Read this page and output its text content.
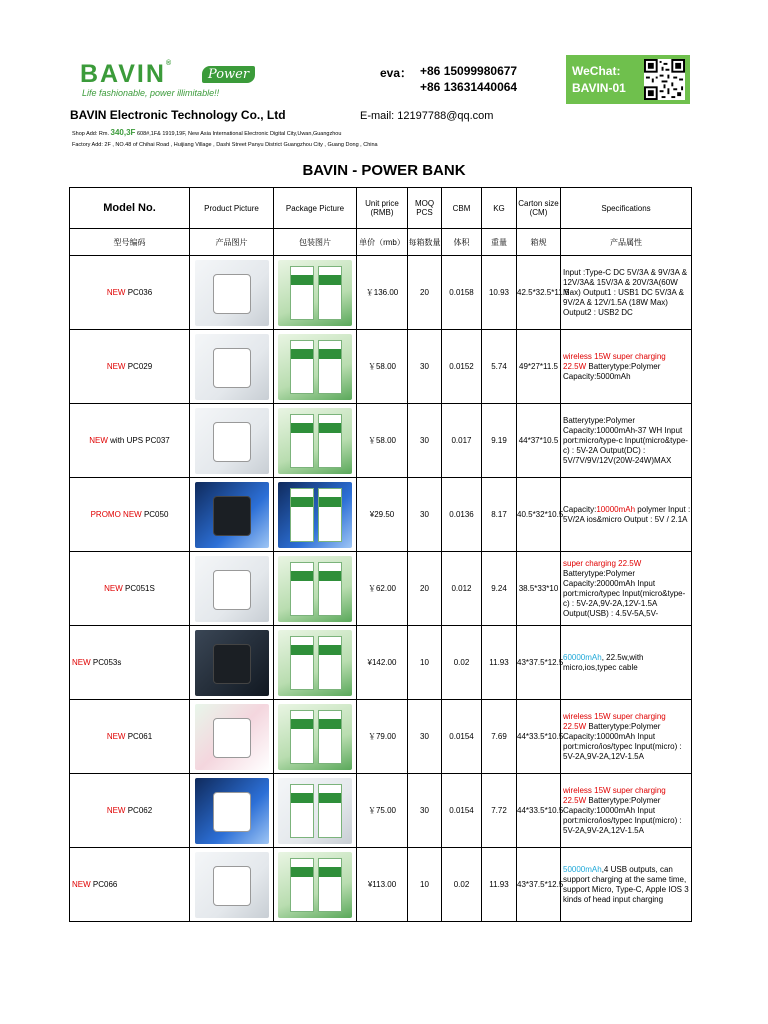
BAVIN®
Power
Life fashionable, power illimitable!!
eva： +86 15099980677
+86 13631440064
WeChat:
BAVIN-01
BAVIN Electronic Technology Co., Ltd	E-mail: 12197788@qq.com
Shop Add: Rm. 340,3F 608#,1F& 1919,19F, New Asia International Electronic Digital City,Uwan,Guangzhou
Factory Add: 2F , NO.48 of Chihai Road , Huijiang Village , Dashi Street Panyu District Guangzhou City , Guang Dong , China
BAVIN - POWER BANK
Model No.	Product Picture	Package Picture	Unit price (RMB)	MOQ PCS	CBM	KG	Carton size (CM)	Specifications
型号编码	产品图片	包装图片	单价（rmb）	每箱数量	体积	重量	箱规	产品属性
NEW PC036			￥136.00	20	0.0158	10.93	42.5*32.5*11.5	Input :Type-C DC 5V/3A & 9V/3A & 12V/3A& 15V/3A & 20V/3A(60W Max) Output1 : USB1 DC 5V/3A & 9V/2A & 12V/1.5A (18W Max) Output2 : USB2 DC

NEW PC029			￥58.00	30	0.0152	5.74	49*27*11.5	wireless 15W super charging 22.5W Batterytype:Polymer Capacity:5000mAh

NEW with UPS PC037			￥58.00	30	0.017	9.19	44*37*10.5	Batterytype:Polymer Capacity:10000mAh-37 WH Input port:micro/type-c Input(micro&type-c) : 5V-2A Output(DC) : 5V/7V/9V/12V(20W-24W)MAX

PROMO NEW PC050			¥29.50	30	0.0136	8.17	40.5*32*10.5	Capacity:10000mAh polymer Input : 5V/2A ios&micro Output : 5V / 2.1A

NEW PC051S			￥62.00	20	0.012	9.24	38.5*33*10	super charging 22.5W Batterytype:Polymer Capacity:20000mAh Input port:micro/typec Input(micro&type-c) : 5V-2A,9V-2A,12V-1.5A Output(USB) : 4.5V-5A,5V-

NEW PC053s			¥142.00	10	0.02	11.93	43*37.5*12.5	60000mAh, 22.5w,with micro,ios,typec cable

NEW PC061			￥79.00	30	0.0154	7.69	44*33.5*10.5	wireless 15W super charging 22.5W Batterytype:Polymer Capacity:10000mAh Input port:micro/ios/typec Input(micro) : 5V-2A,9V-2A,12V-1.5A

NEW PC062			￥75.00	30	0.0154	7.72	44*33.5*10.5	wireless 15W super charging 22.5W Batterytype:Polymer Capacity:10000mAh Input port:micro/ios/typec Input(micro) : 5V-2A,9V-2A,12V-1.5A

NEW PC066			¥113.00	10	0.02	11.93	43*37.5*12.5	50000mAh,4 USB outputs, can support charging at the same time, support Micro, Type-C, Apple IOS 3 kinds of head input charging
